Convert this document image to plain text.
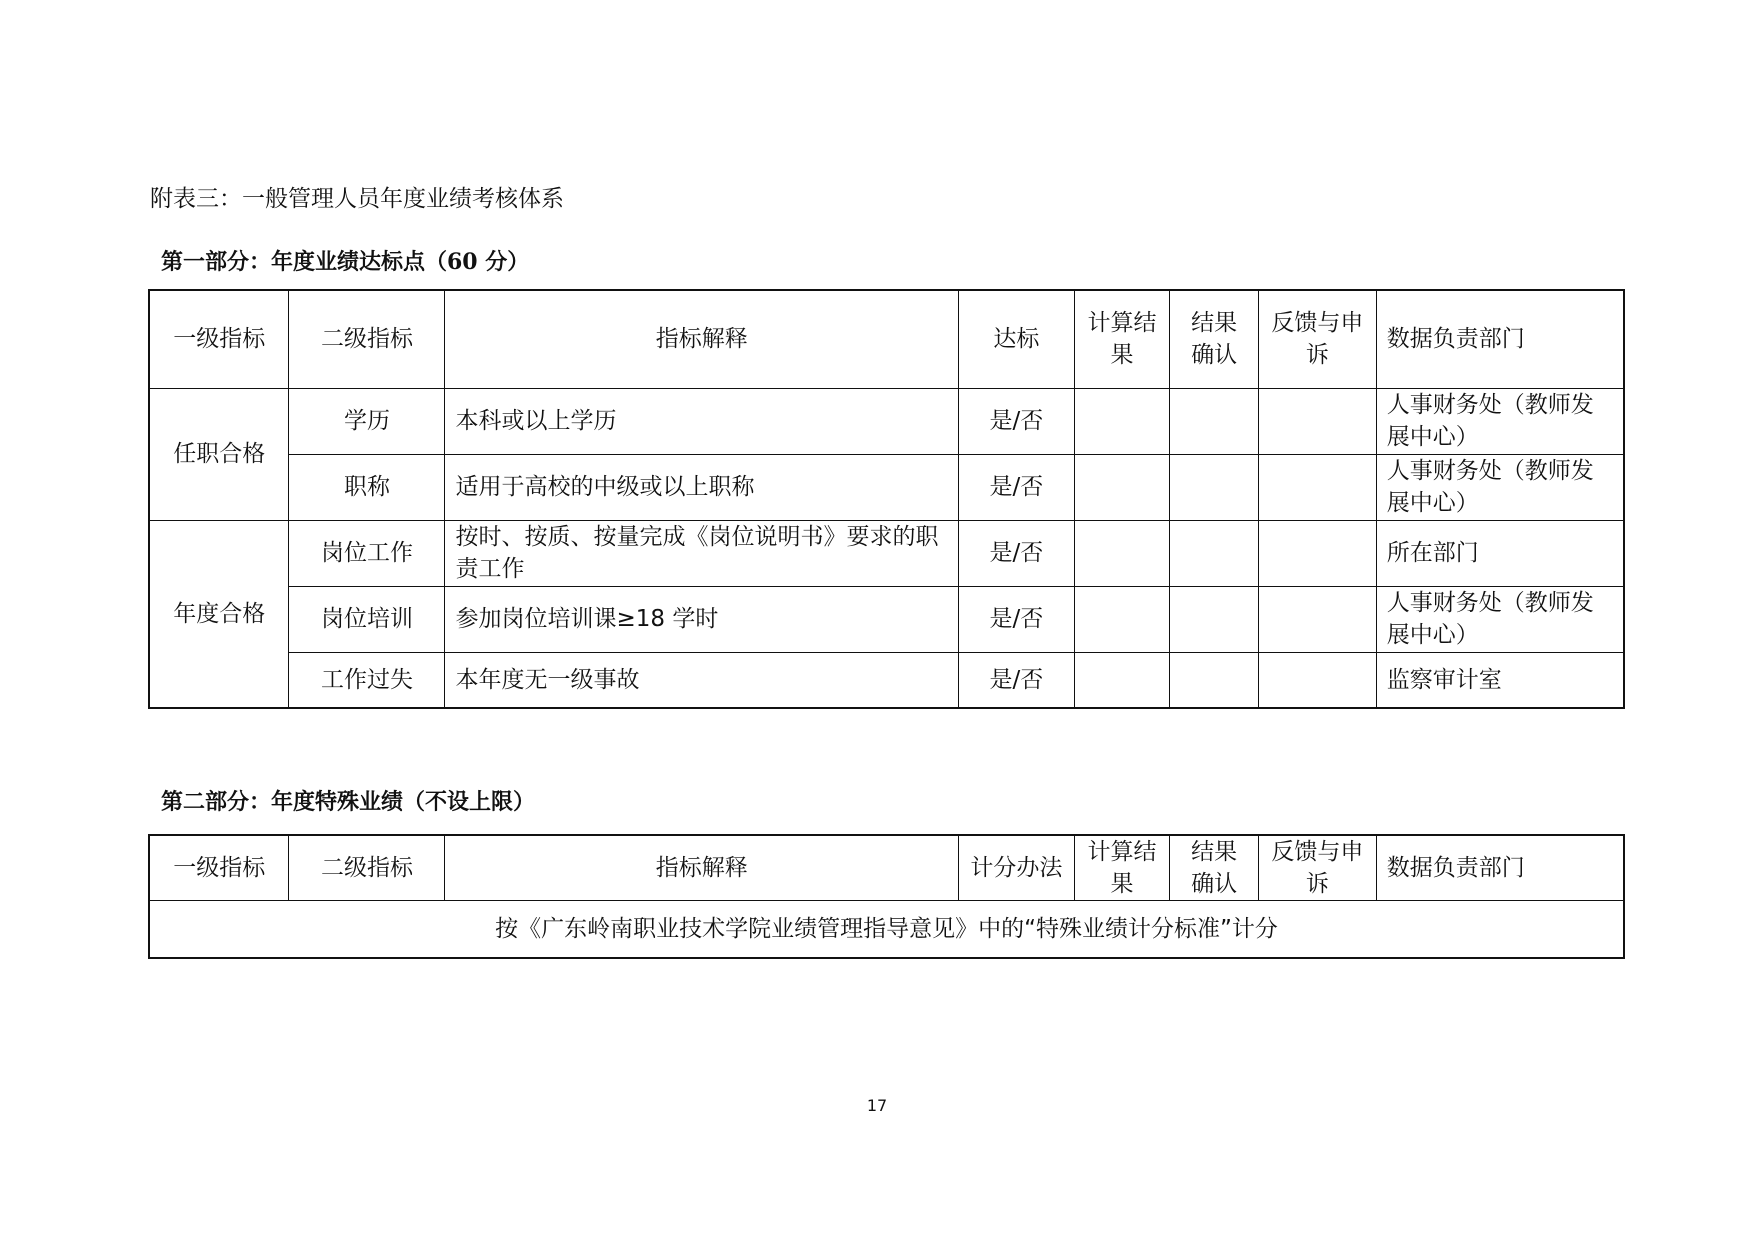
附表三：一般管理人员年度业绩考核体系
第一部分：年度业绩达标点（60 分）
一级指标	二级指标	指标解释	达标	计算结果	结果确认	反馈与申诉	数据负责部门
任职合格	学历	本科或以上学历	是/否				人事财务处（教师发展中心）
	职称	适用于高校的中级或以上职称	是/否				人事财务处（教师发展中心）
年度合格	岗位工作	按时、按质、按量完成《岗位说明书》要求的职责工作	是/否				所在部门
	岗位培训	参加岗位培训课≥18 学时	是/否				人事财务处（教师发展中心）
	工作过失	本年度无一级事故	是/否				监察审计室
第二部分：年度特殊业绩（不设上限）
一级指标	二级指标	指标解释	计分办法	计算结果	结果确认	反馈与申诉	数据负责部门
按《广东岭南职业技术学院业绩管理指导意见》中的“特殊业绩计分标准”计分
17
